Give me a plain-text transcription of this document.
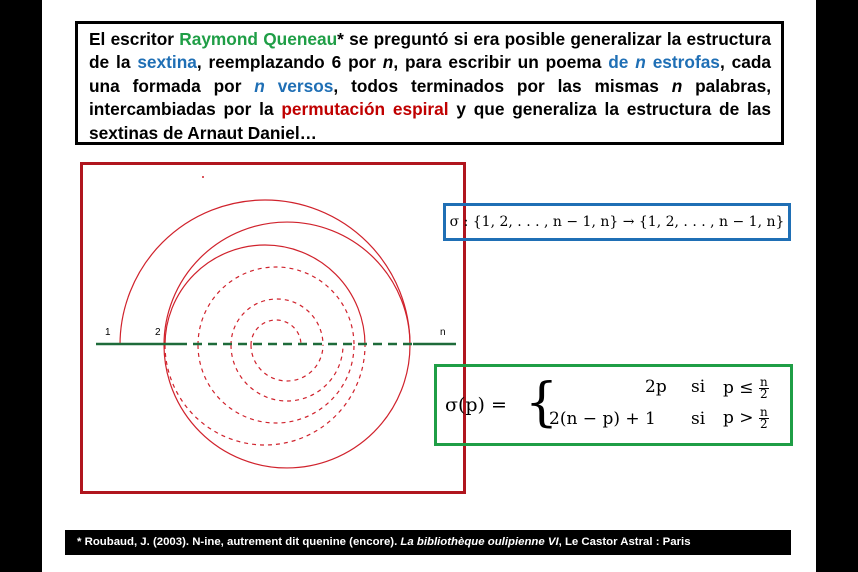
El escritor Raymond Queneau* se preguntó si era posible generalizar la estructura de la sextina, reemplazando 6 por n, para escribir un poema de n estrofas, cada una formada por n versos, todos terminados por las mismas n palabras, intercambiadas por la permutación espiral y que generaliza la estructura de las sextinas de Arnaut Daniel…
1	2	n
σ : {1, 2, . . . , n − 1, n} → {1, 2, . . . , n − 1, n}
σ(p) = {	2p si $p \le \frac{n}{2}$
2(n − p) + 1 si $p > \frac{n}{2}$
* Roubaud, J. (2003). N-ine, autrement dit quenine (encore). La bibliothèque oulipienne VI, Le Castor Astral : Paris
